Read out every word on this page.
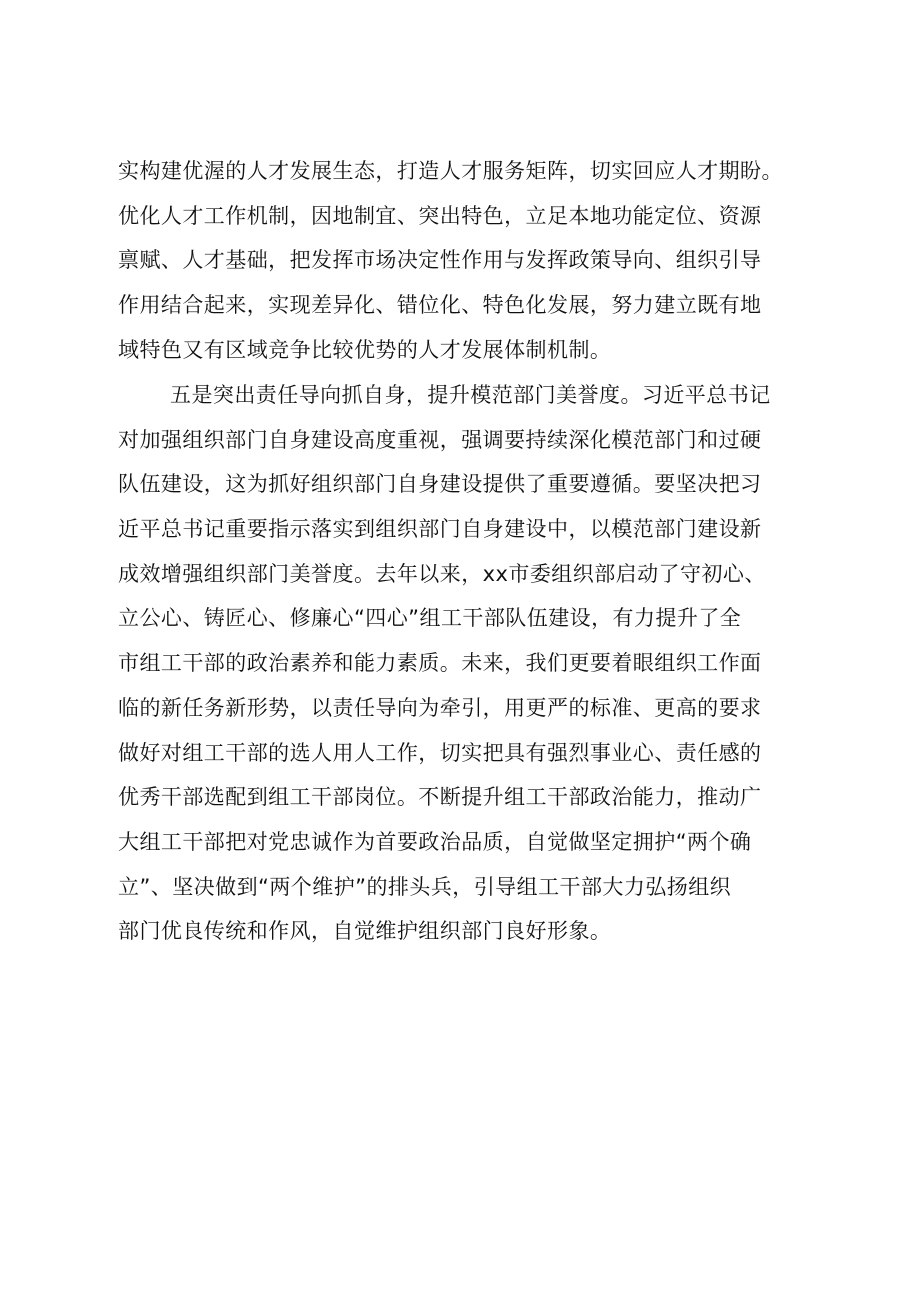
实构建优渥的人才发展生态，打造人才服务矩阵，切实回应人才期盼。
优化人才工作机制，因地制宜、突出特色，立足本地功能定位、资源
禀赋、人才基础，把发挥市场决定性作用与发挥政策导向、组织引导
作用结合起来，实现差异化、错位化、特色化发展，努力建立既有地
域特色又有区域竞争比较优势的人才发展体制机制。
五是突出责任导向抓自身，提升模范部门美誉度。习近平总书记
对加强组织部门自身建设高度重视，强调要持续深化模范部门和过硬
队伍建设，这为抓好组织部门自身建设提供了重要遵循。要坚决把习
近平总书记重要指示落实到组织部门自身建设中，以模范部门建设新
成效增强组织部门美誉度。去年以来，xx市委组织部启动了守初心、
立公心、铸匠心、修廉心“四心”组工干部队伍建设，有力提升了全
市组工干部的政治素养和能力素质。未来，我们更要着眼组织工作面
临的新任务新形势，以责任导向为牵引，用更严的标准、更高的要求
做好对组工干部的选人用人工作，切实把具有强烈事业心、责任感的
优秀干部选配到组工干部岗位。不断提升组工干部政治能力，推动广
大组工干部把对党忠诚作为首要政治品质，自觉做坚定拥护“两个确
立”、坚决做到“两个维护”的排头兵，引导组工干部大力弘扬组织
部门优良传统和作风，自觉维护组织部门良好形象。
